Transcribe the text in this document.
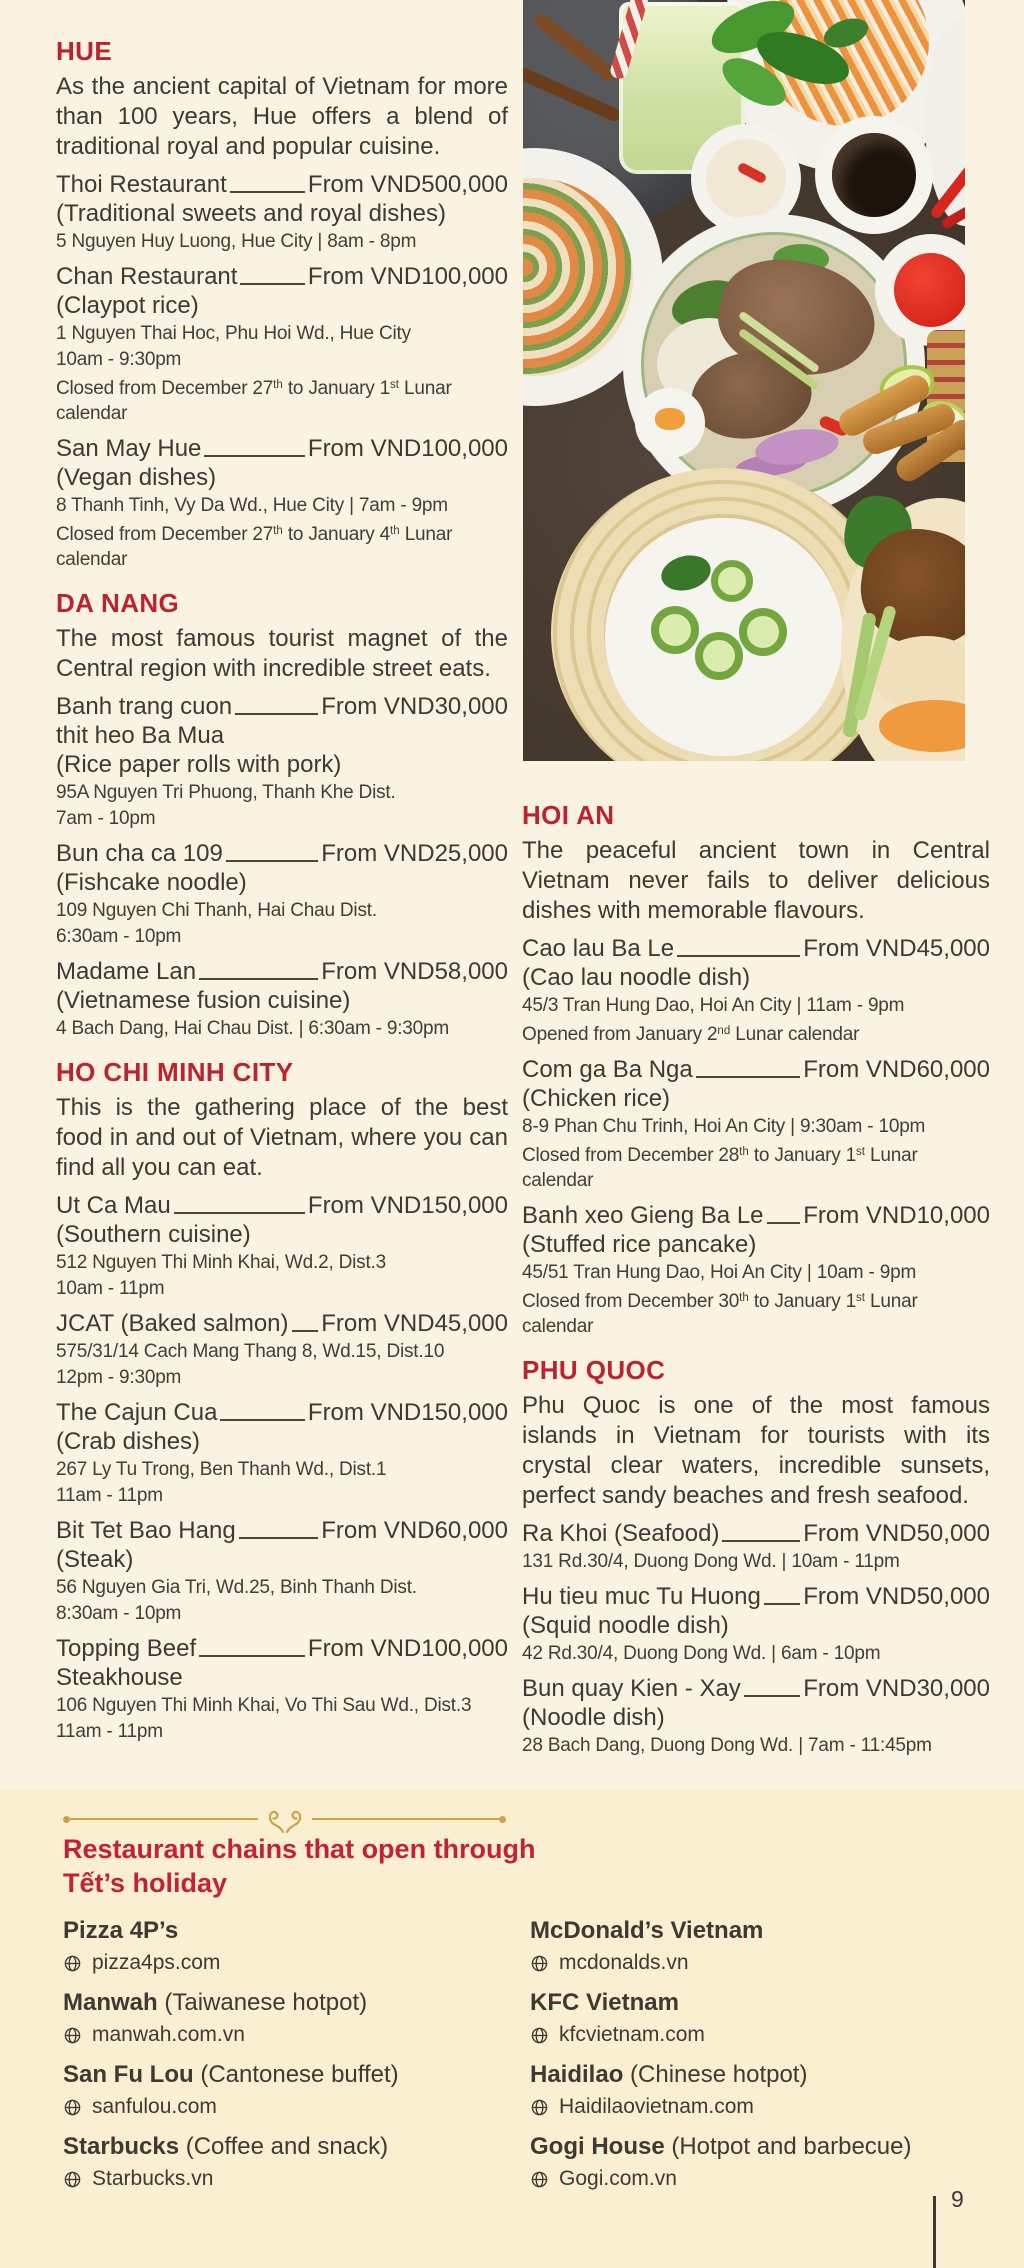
HUE

As the ancient capital of Vietnam for more than 100 years, Hue offers a blend of traditional royal and popular cuisine.

Thoi Restaurant	From VND500,000
(Traditional sweets and royal dishes)

5 Nguyen Huy Luong, Hue City | 8am - 8pm

Chan Restaurant	From VND100,000
(Claypot rice)

1 Nguyen Thai Hoc, Phu Hoi Wd., Hue City

10am - 9:30pm

Closed from December 27th to January 1st Lunar calendar

San May Hue	From VND100,000
(Vegan dishes)

8 Thanh Tinh, Vy Da Wd., Hue City | 7am - 9pm

Closed from December 27th to January 4th Lunar calendar

DA NANG

The most famous tourist magnet of the Central region with incredible street eats.

Banh trang cuon	From VND30,000
thit heo Ba Mua
(Rice paper rolls with pork)

95A Nguyen Tri Phuong, Thanh Khe Dist.

7am - 10pm

Bun cha ca 109	From VND25,000
(Fishcake noodle)

109 Nguyen Chi Thanh, Hai Chau Dist.

6:30am - 10pm

Madame Lan	From VND58,000
(Vietnamese fusion cuisine)

4 Bach Dang, Hai Chau Dist. | 6:30am - 9:30pm

HO CHI MINH CITY

This is the gathering place of the best food in and out of Vietnam, where you can find all you can eat.

Ut Ca Mau	From VND150,000
(Southern cuisine)

512 Nguyen Thi Minh Khai, Wd.2, Dist.3

10am - 11pm

JCAT (Baked salmon) From VND45,000

575/31/14 Cach Mang Thang 8, Wd.15, Dist.10

12pm - 9:30pm

The Cajun Cua	From VND150,000
(Crab dishes)

267 Ly Tu Trong, Ben Thanh Wd., Dist.1

11am - 11pm

Bit Tet Bao Hang	From VND60,000
(Steak)

56 Nguyen Gia Tri, Wd.25, Binh Thanh Dist.

8:30am - 10pm

Topping Beef	From VND100,000
Steakhouse

106 Nguyen Thi Minh Khai, Vo Thi Sau Wd., Dist.3

11am - 11pm

HOI AN

The peaceful ancient town in Central Vietnam never fails to deliver delicious dishes with memorable flavours.

Cao lau Ba Le	From VND45,000
(Cao lau noodle dish)

45/3 Tran Hung Dao, Hoi An City | 11am - 9pm

Opened from January 2nd Lunar calendar

Com ga Ba Nga	From VND60,000
(Chicken rice)

8-9 Phan Chu Trinh, Hoi An City | 9:30am - 10pm

Closed from December 28th to January 1st Lunar calendar

Banh xeo Gieng Ba Le From VND10,000
(Stuffed rice pancake)

45/51 Tran Hung Dao, Hoi An City | 10am - 9pm

Closed from December 30th to January 1st Lunar calendar

PHU QUOC

Phu Quoc is one of the most famous islands in Vietnam for tourists with its crystal clear waters, incredible sunsets, perfect sandy beaches and fresh seafood.

Ra Khoi (Seafood)	From VND50,000

131 Rd.30/4, Duong Dong Wd. | 10am - 11pm

Hu tieu muc Tu Huong From VND50,000
(Squid noodle dish)

42 Rd.30/4, Duong Dong Wd. | 6am - 10pm

Bun quay Kien - Xay	From VND30,000
(Noodle dish)

28 Bach Dang, Duong Dong Wd. | 7am - 11:45pm

Restaurant chains that open through Tết’s holiday
Pizza 4P’s
pizza4ps.com
Manwah (Taiwanese hotpot)
manwah.com.vn
San Fu Lou (Cantonese buffet)
sanfulou.com
Starbucks (Coffee and snack)
Starbucks.vn
McDonald’s Vietnam
mcdonalds.vn
KFC Vietnam
kfcvietnam.com
Haidilao (Chinese hotpot)
Haidilaovietnam.com
Gogi House (Hotpot and barbecue)
Gogi.com.vn
9
